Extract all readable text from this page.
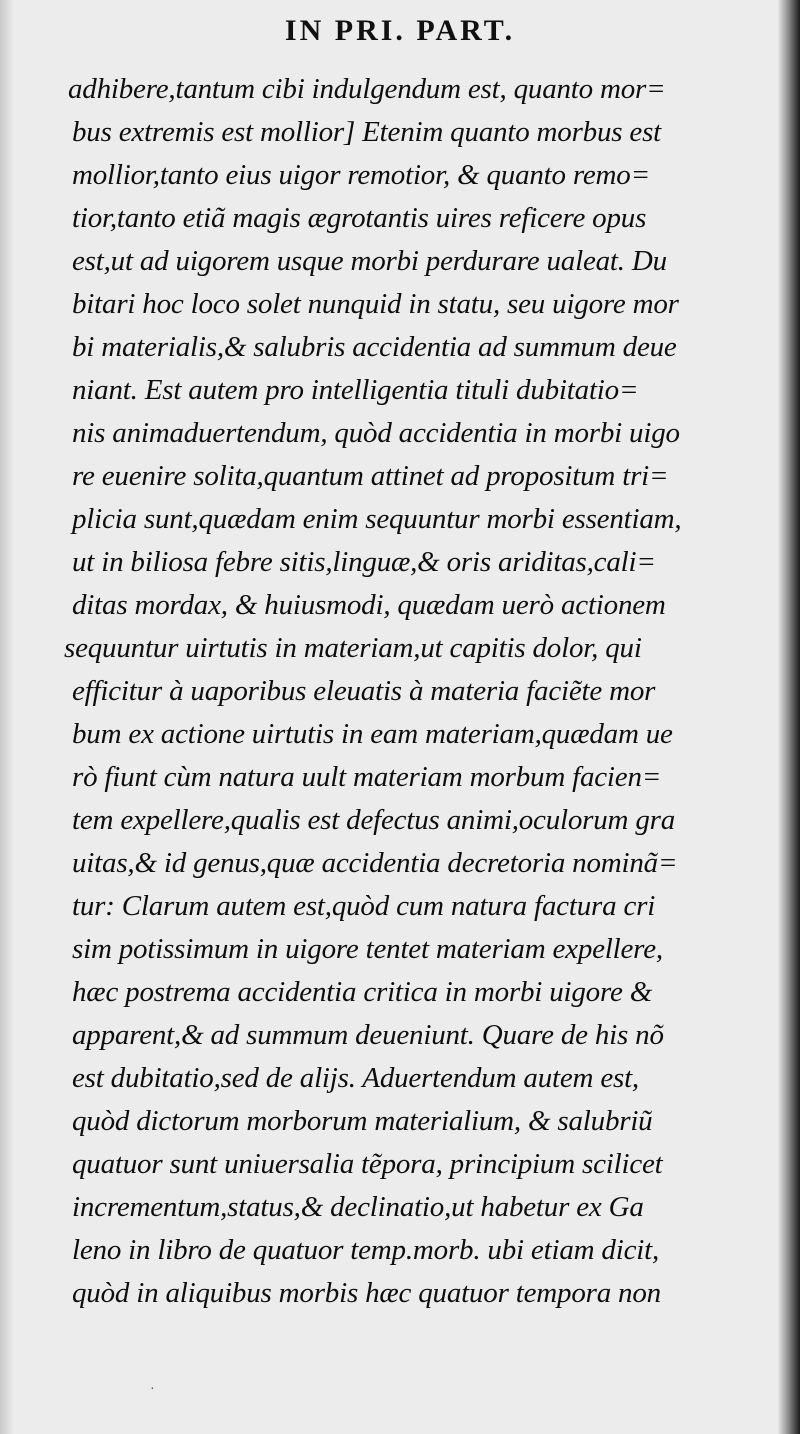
IN PRI. PART.
adhibere,tantum cibi indulgendum est, quanto mor=
bus extremis est mollior] Etenim quanto morbus est
mollior,tanto eius uigor remotior, & quanto remo=
tior,tanto etiã magis ægrotantis uires reficere opus
est,ut ad uigorem usque morbi perdurare ualeat. Du
bitari hoc loco solet nunquid in statu, seu uigore mor
bi materialis,& salubris accidentia ad summum deue
niant. Est autem pro intelligentia tituli dubitatio=
nis animaduertendum, quòd accidentia in morbi uigo
re euenire solita,quantum attinet ad propositum tri=
plicia sunt,quædam enim sequuntur morbi essentiam,
ut in biliosa febre sitis,linguæ,& oris ariditas,cali=
ditas mordax, & huiusmodi, quædam uerò actionem
sequuntur uirtutis in materiam,ut capitis dolor, qui
efficitur à uaporibus eleuatis à materia faciẽte mor
bum ex actione uirtutis in eam materiam,quædam ue
rò fiunt cùm natura uult materiam morbum facien=
tem expellere,qualis est defectus animi,oculorum gra
uitas,& id genus,quæ accidentia decretoria nominã=
tur: Clarum autem est,quòd cum natura factura cri
sim potissimum in uigore tentet materiam expellere,
hæc postrema accidentia critica in morbi uigore &
apparent,& ad summum deueniunt. Quare de his nõ
est dubitatio,sed de alijs. Aduertendum autem est,
quòd dictorum morborum materialium, & salubriũ
quatuor sunt uniuersalia tẽpora, principium scilicet
incrementum,status,& declinatio,ut habetur ex Ga
leno in libro de quatuor temp.morb. ubi etiam dicit,
quòd in aliquibus morbis hæc quatuor tempora non
·
